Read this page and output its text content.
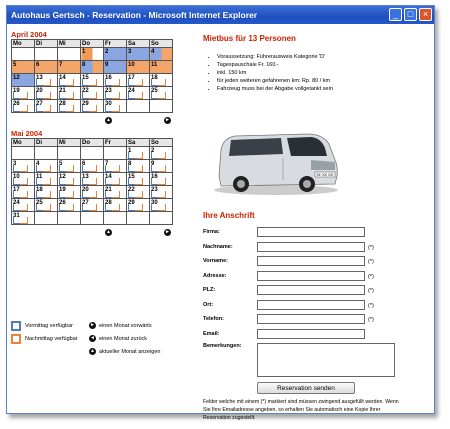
Autohaus Gertsch - Reservation - Microsoft Internet Explorer	_	□	×
April 2004
Mo	Di	Mi	Do	Fr	Sa	So
			1	2	3	4
5	6	7	8	9	10	11
12	13	14	15	16	17	18

19	20	21	22	23	24	25

26	27	28	29	30

▲	►
Mai 2004
Mo	Di	Mi	Do	Fr	Sa	So
					1	2

3	4	5	6	7	8	9

10	11	12	13	14	15	16

17	18	19	20	21	22	23

24	25	26	27	28	29	30

31

▲	►
Vormittag verfügbar	► einen Monat vorwärts
Nachmittag verfügbar ◄ einen Monat zurück
▲ aktueller Monat anzeigen
Mietbus für 13 Personen
• Voraussetzung: Führerausweis Kategorie 'D'
• Tagespauschale Fr. 160.-
• inkl. 150 km
• für jeden weiteren gefahrenen km: Rp. 80 / km
• Fahrzeug muss bei der Abgabe vollgetankt sein
BE 000 000
Ihre Anschrift
Firma:
Nachname:	(*)
Vorname:	(*)
Adresse:	(*)
PLZ:	(*)
Ort:	(*)
Telefon:	(*)
Email:
Bemerkungen:
Reservation senden
Felder welche mit einem (*) markiert sind müssen zwingend ausgefüllt werden. Wenn Sie Ihre Emailadresse angeben, so erhalten Sie automatisch eine Kopie Ihrer Reservation zugestellt.
